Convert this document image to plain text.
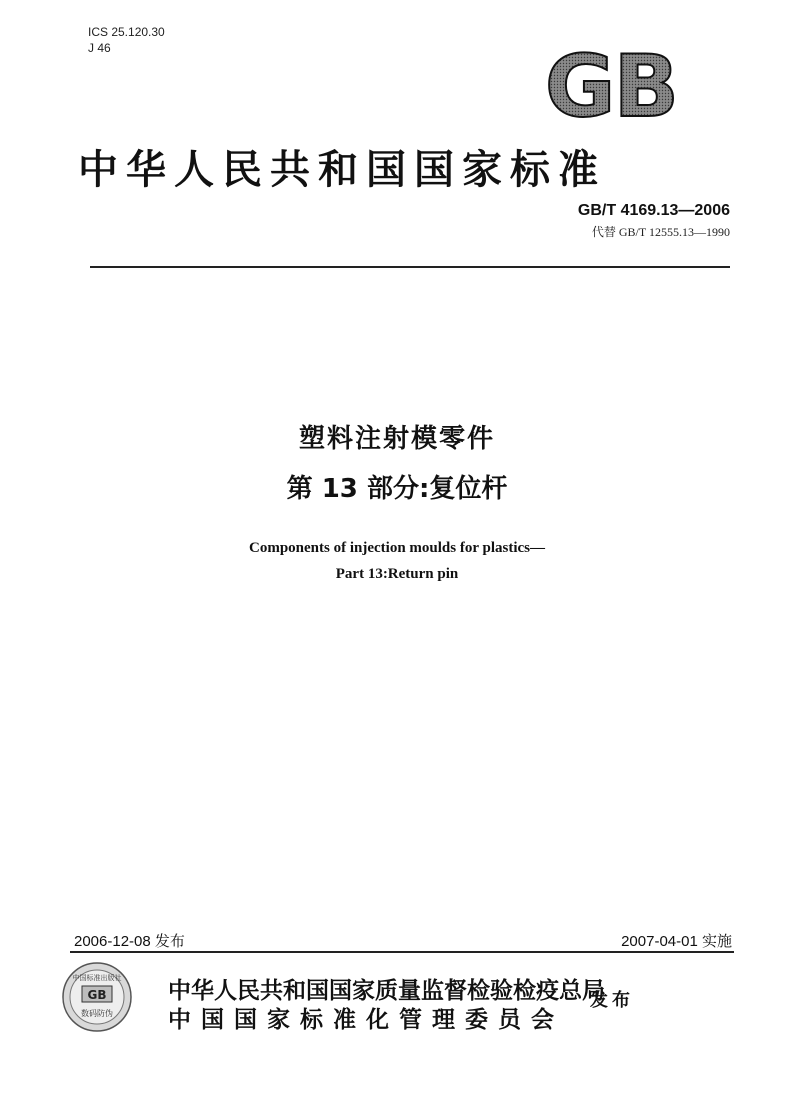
ICS 25.120.30
J 46	GB
中华人民共和国国家标准
GB/T 4169.13—2006
代替 GB/T 12555.13—1990
塑料注射模零件
第 13 部分:复位杆
Components of injection moulds for plastics—
Part 13:Return pin
2006-12-08 发布	2007-04-01 实施
中国标准出版社
GB
数码防伪
中华人民共和国国家质量监督检验检疫总局
中国国家标准化管理委员会
发布
